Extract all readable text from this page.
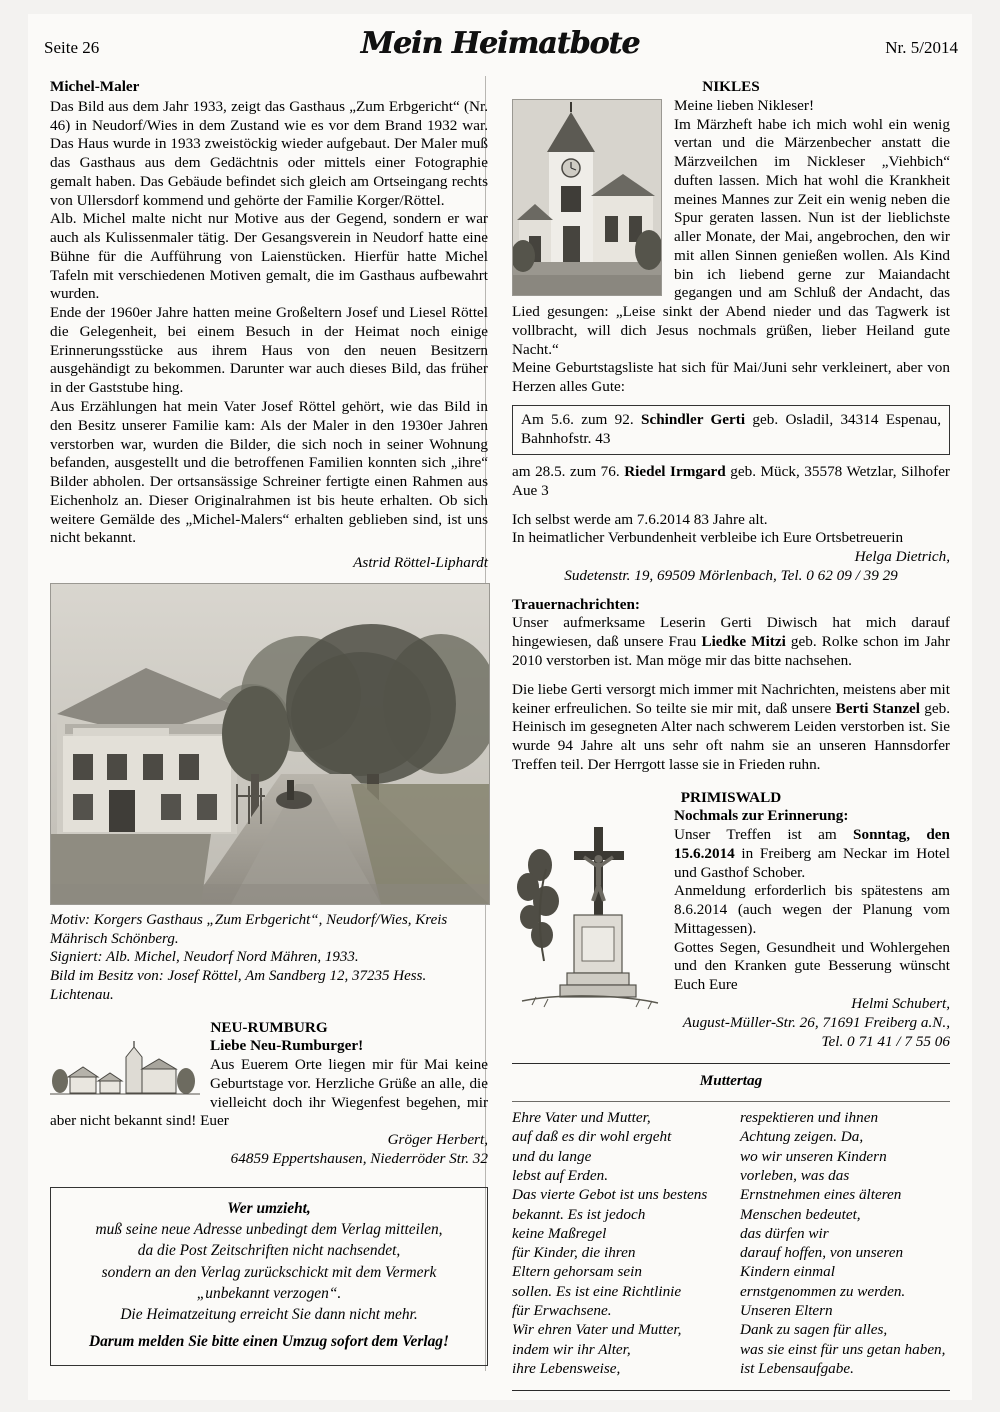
Seite 26	Mein Heimatbote	Nr. 5/2014
Michel-Maler

Das Bild aus dem Jahr 1933, zeigt das Gasthaus „Zum Erbgericht“ (Nr. 46) in Neudorf/Wies in dem Zustand wie es vor dem Brand 1932 war. Das Haus wurde in 1933 zweistöckig wieder aufgebaut. Der Maler muß das Gasthaus aus dem Gedächtnis oder mittels einer Fotographie gemalt haben. Das Gebäude befindet sich gleich am Ortseingang rechts von Ullersdorf kommend und gehörte der Familie Korger/Röttel.

Alb. Michel malte nicht nur Motive aus der Gegend, sondern er war auch als Kulissenmaler tätig. Der Gesangsverein in Neudorf hatte eine Bühne für die Aufführung von Laienstücken. Hierfür hatte Michel Tafeln mit verschiedenen Motiven gemalt, die im Gasthaus aufbewahrt wurden.

Ende der 1960er Jahre hatten meine Großeltern Josef und Liesel Röttel die Gelegenheit, bei einem Besuch in der Heimat noch einige Erinnerungsstücke aus ihrem Haus von den neuen Besitzern ausgehändigt zu bekommen. Darunter war auch dieses Bild, das früher in der Gaststube hing.

Aus Erzählungen hat mein Vater Josef Röttel gehört, wie das Bild in den Besitz unserer Familie kam: Als der Maler in den 1930er Jahren verstorben war, wurden die Bilder, die sich noch in seiner Wohnung befanden, ausgestellt und die betroffenen Familien konnten sich „ihre“ Bilder abholen. Der ortsansässige Schreiner fertigte einen Rahmen aus Eichenholz an. Dieser Originalrahmen ist bis heute erhalten. Ob sich weitere Gemälde des „Michel-Malers“ erhalten geblieben sind, ist uns nicht bekannt.

Astrid Röttel-Liphardt
Motiv: Korgers Gasthaus „Zum Erbgericht“, Neudorf/Wies, Kreis
Mährisch Schönberg.
Signiert: Alb. Michel, Neudorf Nord Mähren, 1933.
Bild im Besitz von: Josef Röttel, Am Sandberg 12, 37235 Hess.
Lichtenau.
NEU-RUMBURG
Liebe Neu-Rumburger!

Aus Euerem Orte liegen mir für Mai keine Geburtstage vor. Herzliche Grüße an alle, die vielleicht doch ihr Wiegenfest begehen, mir aber nicht bekannt sind! Euer

Gröger Herbert,
64859 Eppertshausen, Niederröder Str. 32
Wer umzieht,
muß seine neue Adresse unbedingt dem Verlag mitteilen,
da die Post Zeitschriften nicht nachsendet,
sondern an den Verlag zurückschickt mit dem Vermerk
„unbekannt verzogen“.
Die Heimatzeitung erreicht Sie dann nicht mehr.
Darum melden Sie bitte einen Umzug sofort dem Verlag!
NIKLES

Meine lieben Nikleser!

Im Märzheft habe ich mich wohl ein wenig vertan und die Märzenbecher anstatt die Märzveilchen im Nickleser „Viehbich“ duften lassen. Mich hat wohl die Krankheit meines Mannes zur Zeit ein wenig neben die Spur geraten lassen. Nun ist der lieblichste aller Monate, der Mai, angebrochen, den wir mit allen Sinnen genießen wollen. Als Kind bin ich liebend gerne zur Maiandacht gegangen und am Schluß der Andacht, das Lied gesungen: „Leise sinkt der Abend nieder und das Tagwerk ist vollbracht, will dich Jesus nochmals grüßen, lieber Heiland gute Nacht.“

Meine Geburtstagsliste hat sich für Mai/Juni sehr verkleinert, aber von Herzen alles Gute:

Am 5.6. zum 92. Schindler Gerti geb. Osladil, 34314 Espenau, Bahnhofstr. 43

am 28.5. zum 76. Riedel Irmgard geb. Mück, 35578 Wetzlar, Silhofer Aue 3

Ich selbst werde am 7.6.2014 83 Jahre alt.

In heimatlicher Verbundenheit verbleibe ich Eure Ortsbetreuerin

Helga Dietrich,
Sudetenstr. 19, 69509 Mörlenbach, Tel. 0 62 09 / 39 29
Trauernachrichten:

Unser aufmerksame Leserin Gerti Diwisch hat mich darauf hingewiesen, daß unsere Frau Liedke Mitzi geb. Rolke schon im Jahr 2010 verstorben ist. Man möge mir das bitte nachsehen.

Die liebe Gerti versorgt mich immer mit Nachrichten, meistens aber mit keiner erfreulichen. So teilte sie mir mit, daß unsere Berti Stanzel geb. Heinisch im gesegneten Alter nach schwerem Leiden verstorben ist. Sie wurde 94 Jahre alt uns sehr oft nahm sie an unseren Hannsdorfer Treffen teil. Der Herrgott lasse sie in Frieden ruhn.

PRIMISWALD
Nochmals zur Erinnerung:

Unser Treffen ist am Sonntag, den 15.6.2014 in Freiberg am Neckar im Hotel und Gasthof Schober.

Anmeldung erforderlich bis spätestens am 8.6.2014 (auch wegen der Planung vom Mittagessen).

Gottes Segen, Gesundheit und Wohlergehen und den Kranken gute Besserung wünscht Euch Eure

Helmi Schubert,
August-Müller-Str. 26, 71691 Freiberg a.N.,
Tel. 0 71 41 / 7 55 06
Muttertag
Ehre Vater und Mutter,
auf daß es dir wohl ergeht
und du lange
lebst auf Erden.
Das vierte Gebot ist uns bestens
bekannt. Es ist jedoch
keine Maßregel
für Kinder, die ihren
Eltern gehorsam sein
sollen. Es ist eine Richtlinie
für Erwachsene.
Wir ehren Vater und Mutter,
indem wir ihr Alter,
ihre Lebensweise,
respektieren und ihnen
Achtung zeigen. Da,
wo wir unseren Kindern
vorleben, was das
Ernstnehmen eines älteren
Menschen bedeutet,
das dürfen wir
darauf hoffen, von unseren
Kindern einmal
ernstgenommen zu werden.
Unseren Eltern
Dank zu sagen für alles,
was sie einst für uns getan haben,
ist Lebensaufgabe.
